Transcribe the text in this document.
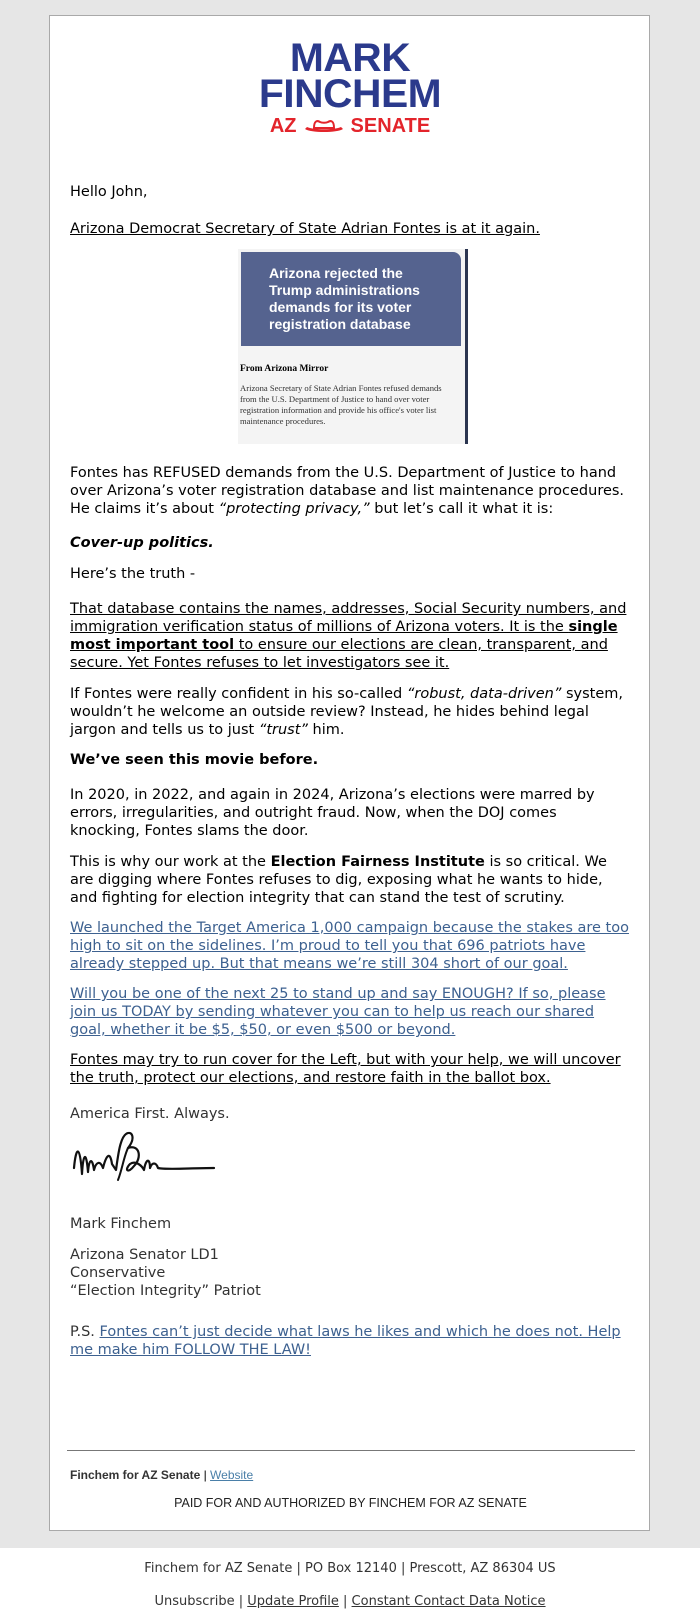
MARK
FINCHEM
AZ	SENATE

Hello John,

Arizona Democrat Secretary of State Adrian Fontes is at it again.

Arizona rejected the Trump administrations demands for its voter registration database
From Arizona Mirror
Arizona Secretary of State Adrian Fontes refused demands from the U.S. Department of Justice to hand over voter registration information and provide his office's voter list maintenance procedures.

Fontes has REFUSED demands from the U.S. Department of Justice to hand over Arizona’s voter registration database and list maintenance procedures. He claims it’s about “protecting privacy,” but let’s call it what it is:

Cover-up politics.

Here’s the truth -

That database contains the names, addresses, Social Security numbers, and immigration verification status of millions of Arizona voters. It is the single most important tool to ensure our elections are clean, transparent, and secure. Yet Fontes refuses to let investigators see it.

If Fontes were really confident in his so-called “robust, data-driven” system, wouldn’t he welcome an outside review? Instead, he hides behind legal jargon and tells us to just “trust” him.

We’ve seen this movie before.

In 2020, in 2022, and again in 2024, Arizona’s elections were marred by errors, irregularities, and outright fraud. Now, when the DOJ comes knocking, Fontes slams the door.

This is why our work at the Election Fairness Institute is so critical. We are digging where Fontes refuses to dig, exposing what he wants to hide, and fighting for election integrity that can stand the test of scrutiny.

We launched the Target America 1,000 campaign because the stakes are too high to sit on the sidelines. I’m proud to tell you that 696 patriots have already stepped up. But that means we’re still 304 short of our goal.

Will you be one of the next 25 to stand up and say ENOUGH? If so, please join us TODAY by sending whatever you can to help us reach our shared goal, whether it be $5, $50, or even $500 or beyond.

Fontes may try to run cover for the Left, but with your help, we will uncover the truth, protect our elections, and restore faith in the ballot box.

America First. Always.

Mark Finchem

Arizona Senator LD1

Conservative

“Election Integrity” Patriot

P.S. Fontes can’t just decide what laws he likes and which he does not. Help me make him FOLLOW THE LAW!

Finchem for AZ Senate | Website
PAID FOR AND AUTHORIZED BY FINCHEM FOR AZ SENATE
Finchem for AZ Senate | PO Box 12140 | Prescott, AZ 86304 US
Unsubscribe | Update Profile | Constant Contact Data Notice
